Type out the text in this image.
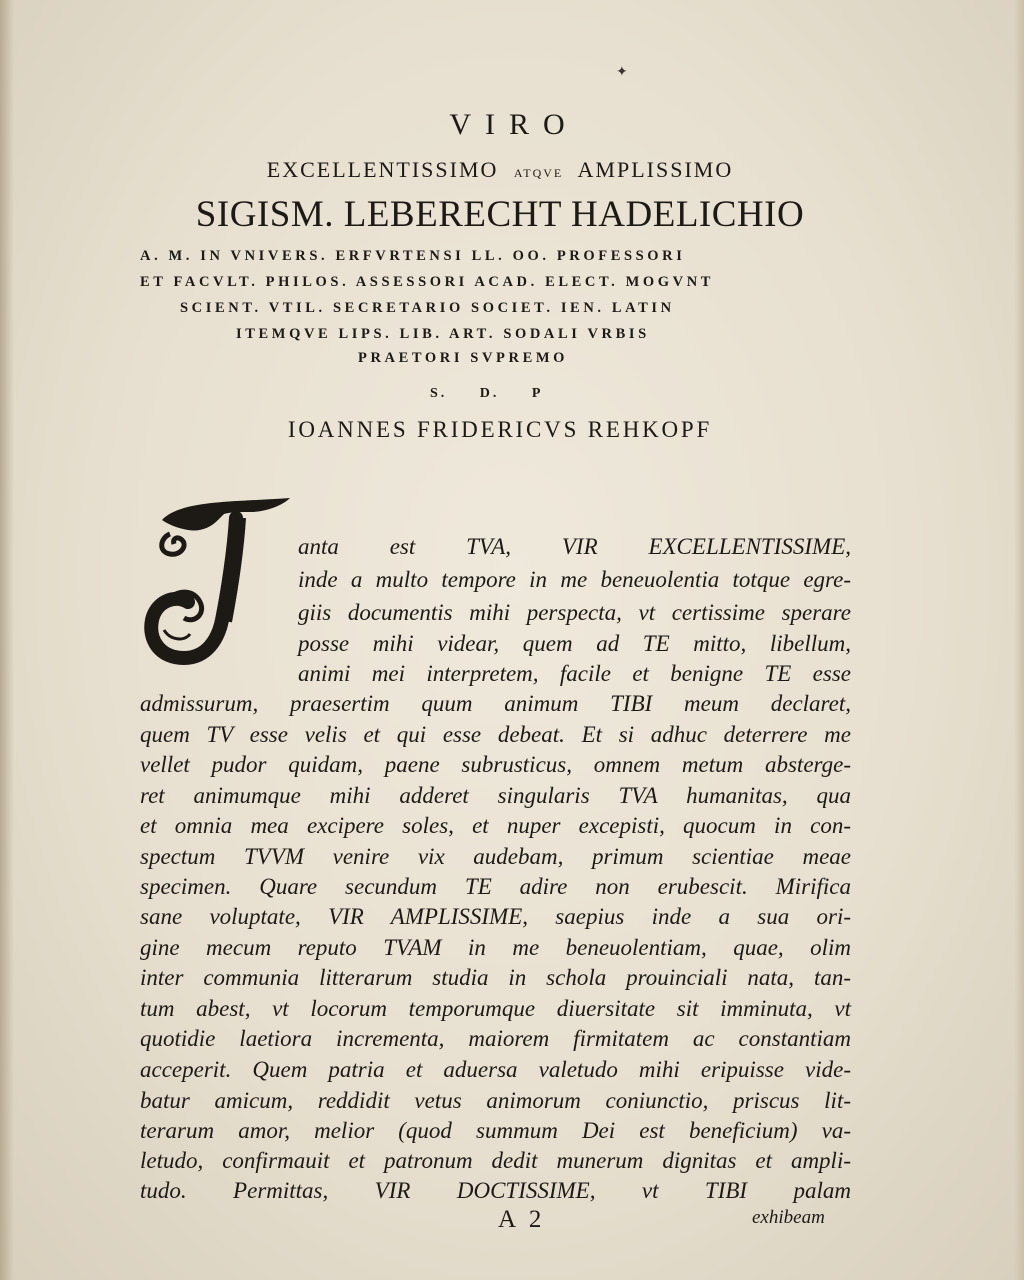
VIRO
EXCELLENTISSIMO ATQVE AMPLISSIMO
SIGISM. LEBERECHT HADELICHIO
A. M. IN VNIVERS. ERFVRTENSI LL. OO. PROFESSORI
ET FACVLT. PHILOS. ASSESSORI ACAD. ELECT. MOGVNT
SCIENT. VTIL. SECRETARIO SOCIET. IEN. LATIN
ITEMQVE LIPS. LIB. ART. SODALI VRBIS
PRAETORI SVPREMO
S. D. P
IOANNES FRIDERICVS REHKOPF
anta est TVA, VIR EXCELLENTISSIME,
inde a multo tempore in me beneuolentia totque egre-
giis documentis mihi perspecta, vt certissime sperare
posse mihi videar, quem ad TE mitto, libellum,
animi mei interpretem, facile et benigne TE esse
admissurum, praesertim quum animum TIBI meum declaret,
quem TV esse velis et qui esse debeat. Et si adhuc deterrere me
vellet pudor quidam, paene subrusticus, omnem metum abstergе-
ret animumque mihi adderet singularis TVA humanitas, qua
et omnia mea excipere soles, et nuper excepisti, quocum in con-
spectum TVVM venire vix audebam, primum scientiae meae
specimen. Quare secundum TE adire non erubescit. Mirifica
sane voluptate, VIR AMPLISSIME, saepius inde a sua ori-
gine mecum reputo TVAM in me beneuolentiam, quae, olim
inter communia litterarum studia in schola prouinciali nata, tan-
tum abest, vt locorum temporumque diuersitate sit imminuta, vt
quotidie laetiora incrementa, maiorem firmitatem ac constantiam
acceperit. Quem patria et aduersa valetudo mihi eripuisse vide-
batur amicum, reddidit vetus animorum coniunctio, priscus lit-
terarum amor, melior (quod summum Dei est beneficium) va-
letudo, confirmauit et patronum dedit munerum dignitas et ampli-
tudo. Permittas, VIR DOCTISSIME, vt TIBI palam
A 2	exhibeam
✦
